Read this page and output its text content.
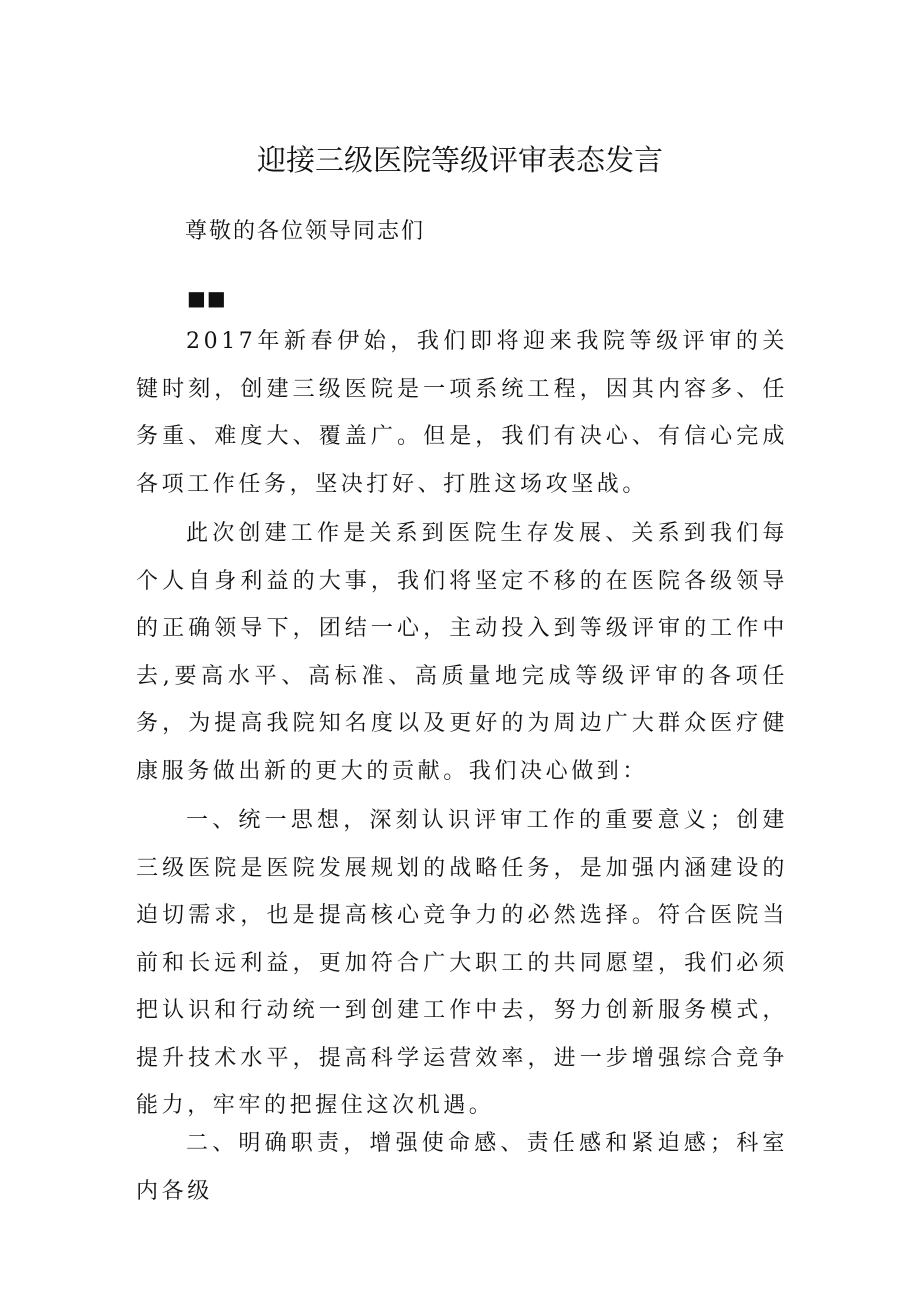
迎接三级医院等级评审表态发言
尊敬的各位领导同志们
■■

2017年新春伊始，我们即将迎来我院等级评审的关键时刻，创建三级医院是一项系统工程，因其内容多、任务重、难度大、覆盖广。但是，我们有决心、有信心完成各项工作任务，坚决打好、打胜这场攻坚战。

此次创建工作是关系到医院生存发展、关系到我们每个人自身利益的大事，我们将坚定不移的在医院各级领导的正确领导下，团结一心，主动投入到等级评审的工作中去,要高水平、高标准、高质量地完成等级评审的各项任务，为提高我院知名度以及更好的为周边广大群众医疗健康服务做出新的更大的贡献。我们决心做到：

一、统一思想，深刻认识评审工作的重要意义；创建三级医院是医院发展规划的战略任务，是加强内涵建设的迫切需求，也是提高核心竞争力的必然选择。符合医院当前和长远利益，更加符合广大职工的共同愿望，我们必须把认识和行动统一到创建工作中去，努力创新服务模式，提升技术水平，提高科学运营效率，进一步增强综合竞争能力，牢牢的把握住这次机遇。

二、明确职责，增强使命感、责任感和紧迫感；科室内各级
